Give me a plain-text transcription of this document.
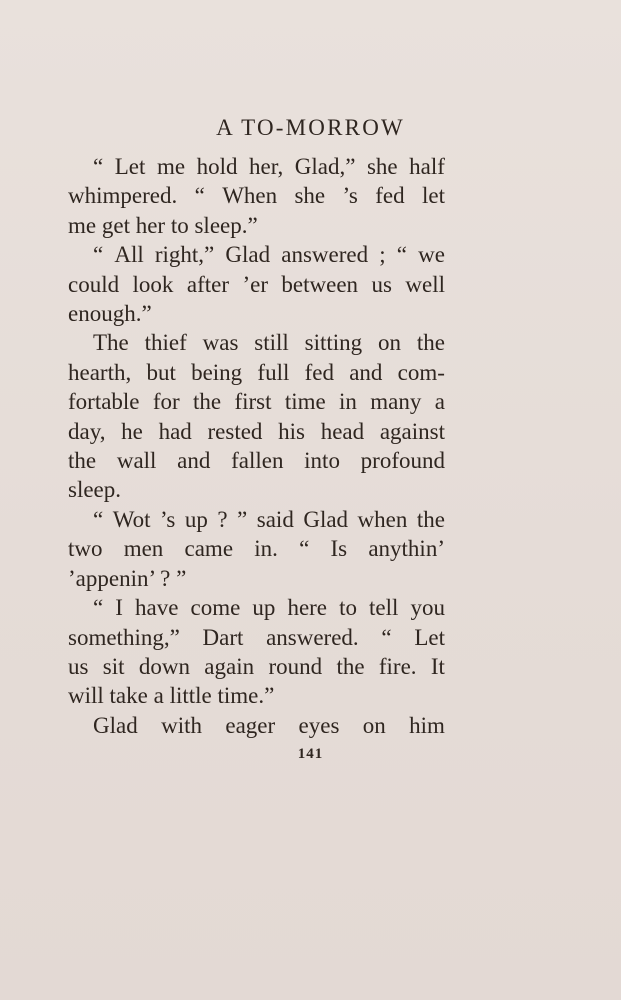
A TO-MORROW

“ Let me hold her, Glad,” she half
whimpered. “ When she ’s fed let
me get her to sleep.”

“ All right,” Glad answered ; “ we
could look after ’er between us well
enough.”

The thief was still sitting on the
hearth, but being full fed and com-
fortable for the first time in many a
day, he had rested his head against
the wall and fallen into profound
sleep.

“ Wot ’s up ? ” said Glad when the
two men came in. “ Is anythin’
’appenin’ ? ”

“ I have come up here to tell you
something,” Dart answered. “ Let
us sit down again round the fire. It
will take a little time.”

Glad with eager eyes on him

141
